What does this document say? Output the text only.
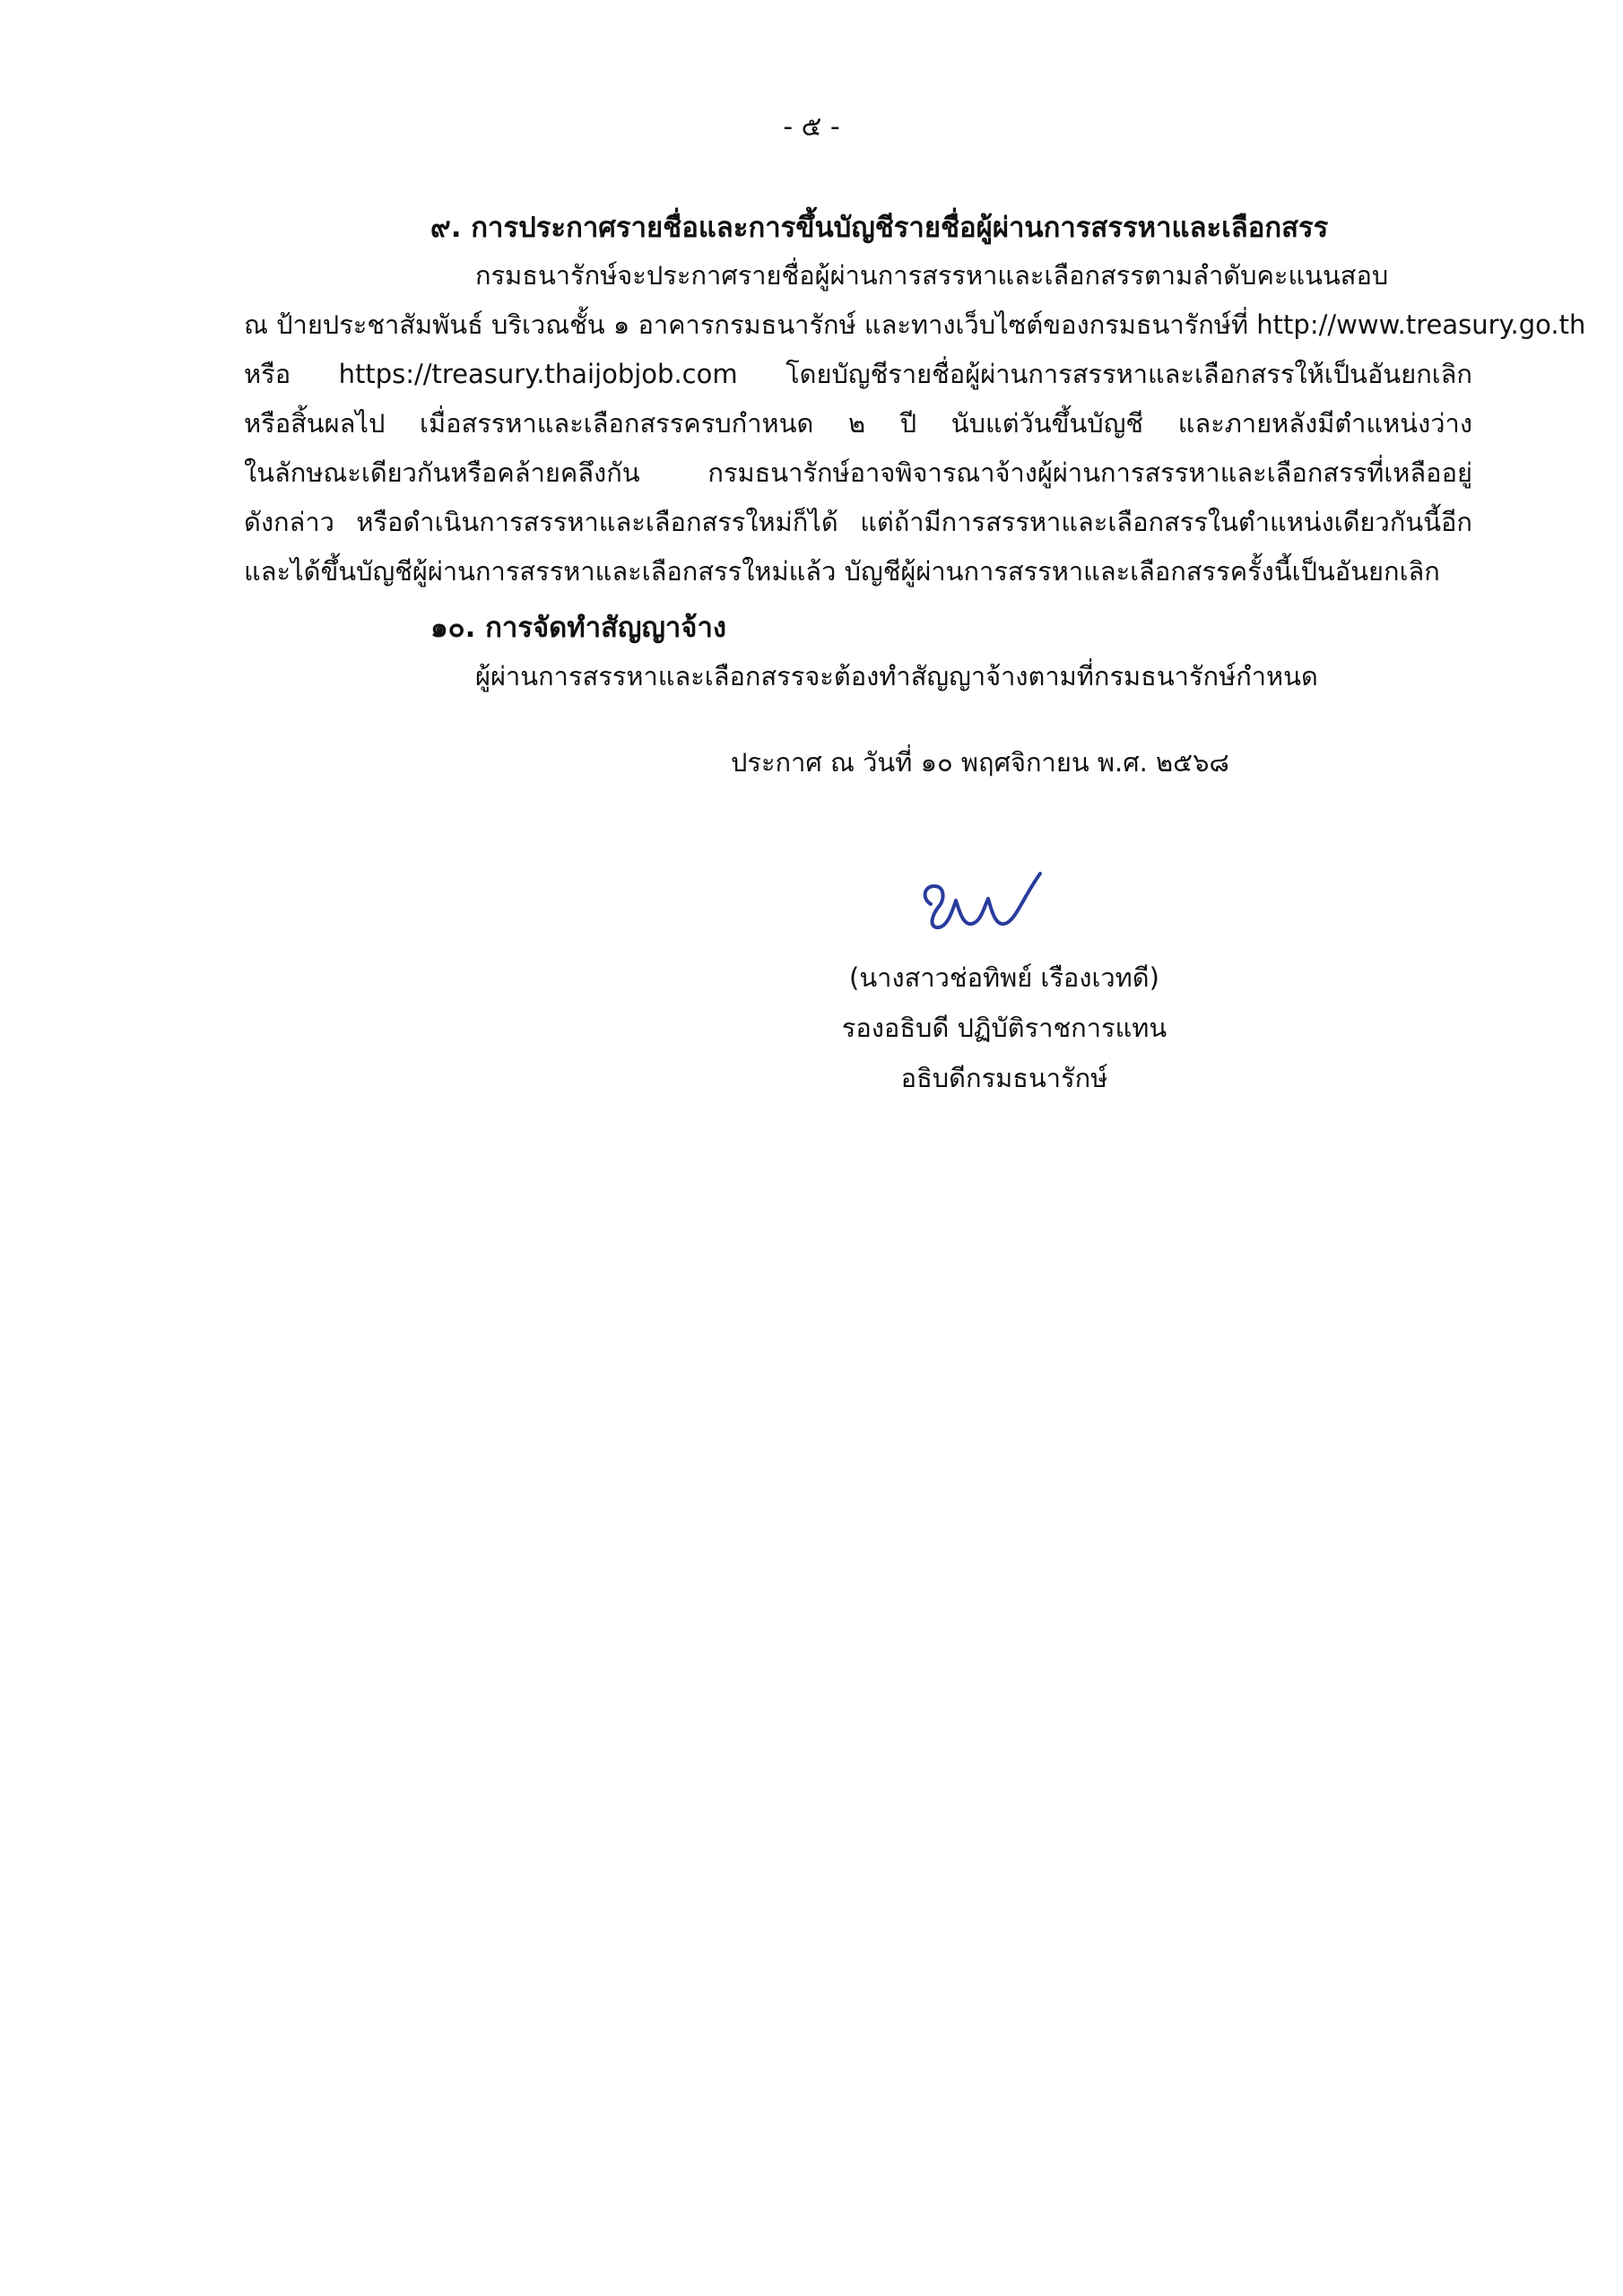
- ๕ -
๙. การประกาศรายชื่อและการขึ้นบัญชีรายชื่อผู้ผ่านการสรรหาและเลือกสรร
กรมธนารักษ์จะประกาศรายชื่อผู้ผ่านการสรรหาและเลือกสรรตามลำดับคะแนนสอบ
ณ ป้ายประชาสัมพันธ์ บริเวณชั้น ๑ อาคารกรมธนารักษ์ และทางเว็บไซต์ของกรมธนารักษ์ที่ http://www.treasury.go.th
หรือ https://treasury.thaijobjob.com โดยบัญชีรายชื่อผู้ผ่านการสรรหาและเลือกสรรให้เป็นอันยกเลิก
หรือสิ้นผลไป เมื่อสรรหาและเลือกสรรครบกำหนด ๒ ปี นับแต่วันขึ้นบัญชี และภายหลังมีตำแหน่งว่าง
ในลักษณะเดียวกันหรือคล้ายคลึงกัน กรมธนารักษ์อาจพิจารณาจ้างผู้ผ่านการสรรหาและเลือกสรรที่เหลืออยู่
ดังกล่าว หรือดำเนินการสรรหาและเลือกสรรใหม่ก็ได้ แต่ถ้ามีการสรรหาและเลือกสรรในตำแหน่งเดียวกันนี้อีก
และได้ขึ้นบัญชีผู้ผ่านการสรรหาและเลือกสรรใหม่แล้ว บัญชีผู้ผ่านการสรรหาและเลือกสรรครั้งนี้เป็นอันยกเลิก
๑๐. การจัดทำสัญญาจ้าง
ผู้ผ่านการสรรหาและเลือกสรรจะต้องทำสัญญาจ้างตามที่กรมธนารักษ์กำหนด
ประกาศ ณ วันที่ ๑๐ พฤศจิกายน พ.ศ. ๒๕๖๘
(นางสาวช่อทิพย์ เรืองเวทดี)
รองอธิบดี ปฏิบัติราชการแทน
อธิบดีกรมธนารักษ์
